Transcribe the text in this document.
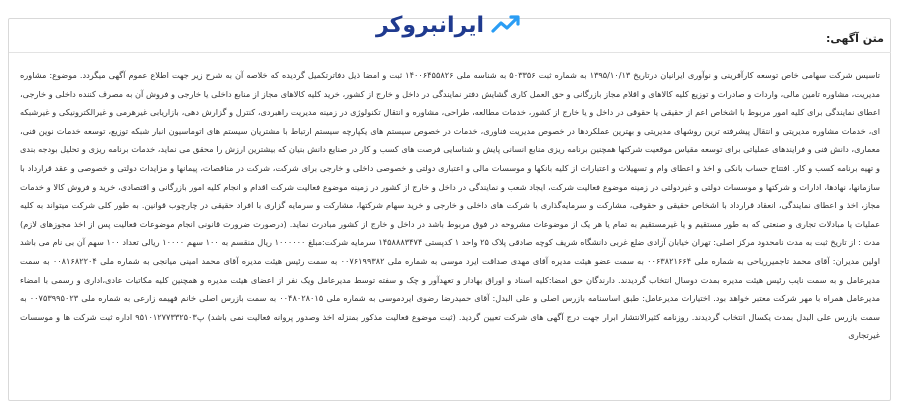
ایرانبروکر
متن آگهی:
تاسیس شرکت سهامی خاص توسعه کارآفرینی و نوآوری ایرانیان درتاریخ ۱۳۹۵/۱۰/۱۳ به شماره ثبت ۵۰۳۳۵۶ به شناسه ملی ۱۴۰۰۶۴۵۵۸۲۶ ثبت و امضا ذیل دفاترتکمیل گردیده که خلاصه آن به شرح زیر جهت اطلاع عموم آگهی میگردد. موضوع: مشاوره مدیریت، مشاوره تامین مالی، واردات و صادرات و توزیع کلیه کالاهای و اقلام مجاز بازرگانی و حق العمل کاری گشایش دفتر نمایندگی در داخل و خارج از کشور، خرید کلیه کالاهای مجاز از منابع داخلی یا خارجی و فروش آن به مصرف کننده داخلی و خارجی، اعطای نمایندگی برای کلیه امور مربوط با اشخاص اعم از حقیقی یا حقوقی در داخل و یا خارج از کشور، خدمات مطالعه، طراحی، مشاوره و انتقال تکنولوژی در زمینه مدیریت راهبردی، کنترل و گزارش دهی، بازاریابی غیرهرمی و غیرالکترونیکی و غیرشبکه ای، خدمات مشاوره مدیریتی و انتقال پیشرفته ترین روشهای مدیریتی و بهترین عملکردها در خصوص مدیریت فناوری، خدمات در خصوص سیستم های یکپارچه سیستم ارتباط با مشتریان سیستم های اتوماسیون انبار شبکه توزیع، توسعه خدمات نوین فنی، معماری، دانش فنی و فرایندهای عملیاتی برای توسعه مقیاس موقعیت شرکتها همچنین برنامه ریزی منابع انسانی پایش و شناسایی فرصت های کسب و کار در صنایع دانش بنیان که بیشترین ارزش را محقق می نماید، خدمات برنامه ریزی و تحلیل بودجه بندی و تهیه برنامه کسب و کار. افتتاح حساب بانکی و اخذ و اعطای وام و تسهیلات و اعتبارات از کلیه بانکها و موسسات مالی و اعتباری دولتی و خصوصی داخلی و خارجی برای شرکت، شرکت در مناقصات، پیمانها و مزایدات دولتی و خصوصی و عقد قرارداد با سازمانها، نهادها، ادارات و شرکتها و موسسات دولتی و غیردولتی در زمینه موضوع فعالیت شرکت، ایجاد شعب و نمایندگی در داخل و خارج از کشور در زمینه موضوع فعالیت شرکت اقدام و انجام کلیه امور بازرگانی و اقتصادی، خرید و فروش کالا و خدمات مجاز، اخذ و اعطای نمایندگی، انعقاد قرارداد با اشخاص حقیقی و حقوقی، مشارکت و سرمایه‌گذاری با شرکت های داخلی و خارجی و خرید سهام شرکتها، مشارکت و سرمایه گزاری با افراد حقیقی در چارچوب قوانین. به طور کلی شرکت میتواند به کلیه عملیات یا مبادلات تجاری و صنعتی که به طور مستقیم و یا غیرمستقیم به تمام یا هر یک از موضوعات مشروحه در فوق مربوط باشد در داخل و خارج از کشور مبادرت نماید. (درصورت ضرورت قانونی انجام موضوعات فعالیت پس از اخذ مجوزهای لازم) مدت : از تاریخ ثبت به مدت نامحدود مرکز اصلی: تهران خیابان آزادی ضلع غربی دانشگاه شریف کوچه صادقی پلاک ۲۵ واحد ۱ کدپستی ۱۴۵۸۸۸۳۴۷۴ سرمایه شرکت:مبلغ ۱۰۰۰۰۰۰ ریال منقسم به ۱۰۰ سهم ۱۰۰۰۰ ریالی تعداد ۱۰۰ سهم آن بی نام می باشد اولین مدیران: آقای محمد تاجمیرریاحی به شماره ملی ۰۰۶۳۸۲۱۶۶۴ به سمت عضو هیئت مدیره آقای مهدی صداقت ایرد موسی به شماره ملی ۰۰۷۶۱۹۹۳۸۲ به سمت رئیس هیئت مدیره آقای محمد امینی میانجی به شماره ملی ۰۰۸۱۶۸۲۲۰۴ به سمت مدیرعامل و به سمت نایب رئیس هیئت مدیره بمدت دوسال انتخاب گردیدند. دارندگان حق امضا:کلیه اسناد و اوراق بهادار و تعهدآور و چک و سفته توسط مدیرعامل ویک نفر از اعضای هیئت مدیره و همچنین کلیه مکاتبات عادی،اداری و رسمی با امضاء مدیرعامل همراه با مهر شرکت معتبر خواهد بود. اختیارات مدیرعامل: طبق اساسنامه بازرس اصلی و علی البدل: آقای حمیدرضا رضوی ایردموسی به شماره ملی ۰۰۴۸۰۲۸۰۱۵ به سمت بازرس اصلی خانم فهیمه زارعی به شماره ملی ۰۰۷۵۳۹۹۵۰۲۳ به سمت بازرس علی البدل بمدت یکسال انتخاب گردیدند. روزنامه کثیرالانتشار ابرار جهت درج آگهی های شرکت تعیین گردید. (ثبت موضوع فعالیت مذکور بمنزله اخذ وصدور پروانه فعالیت نمی باشد) پ۹۵۱۰۱۲۷۷۳۳۲۵۰۳ اداره ثبت شرکت ها و موسسات غیرتجاری
